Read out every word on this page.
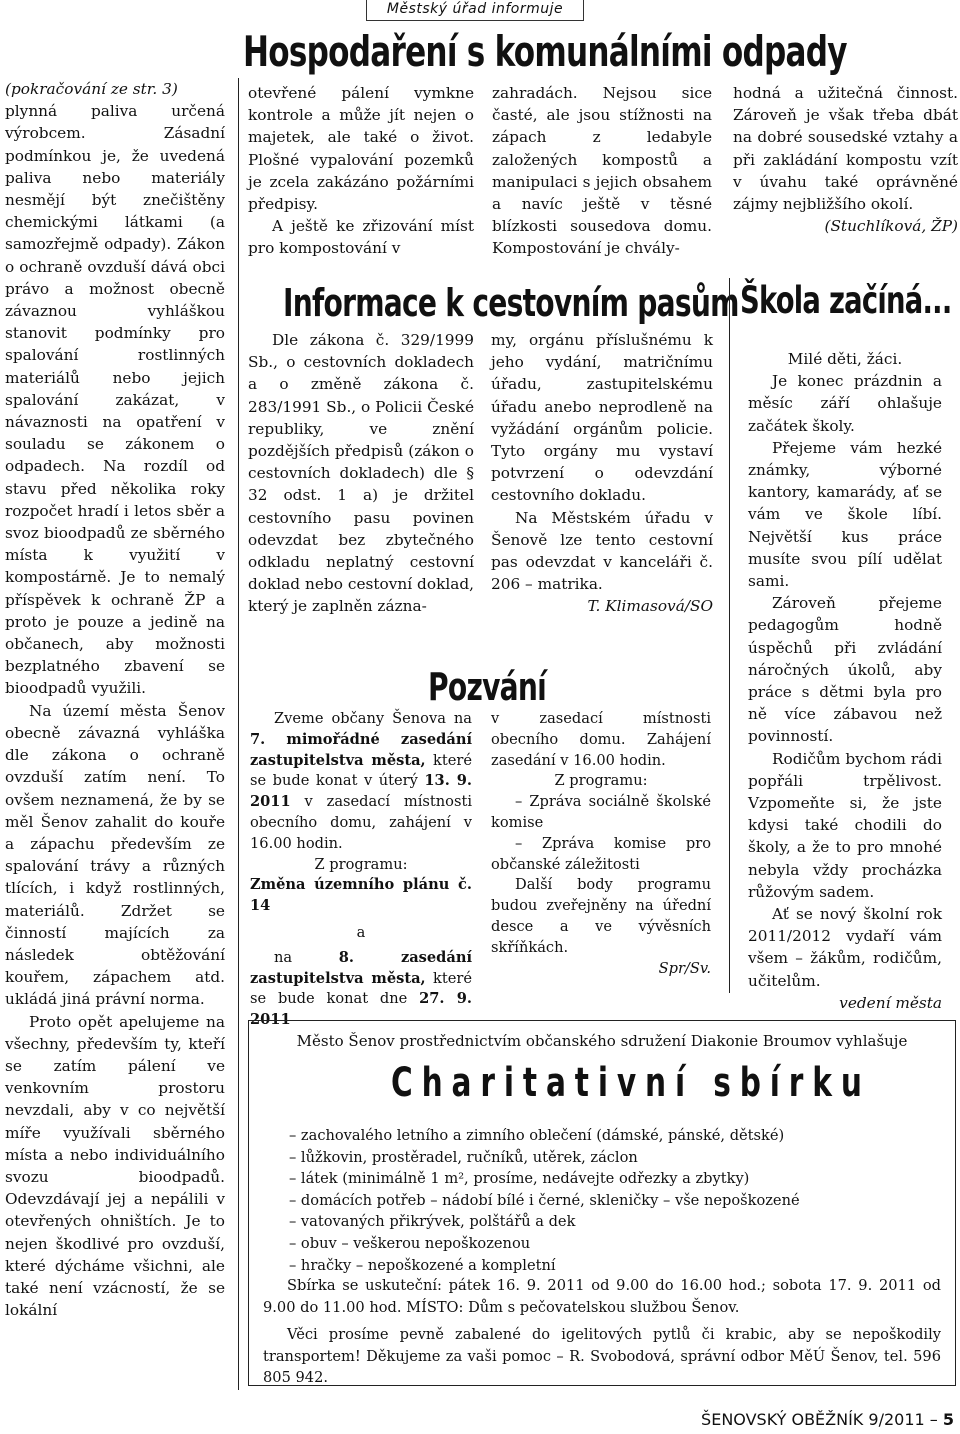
Městský úřad informuje
Hospodaření s komunálními odpady

(pokračování ze str. 3)

plynná paliva určená výrobcem. Zásadní podmínkou je, že uvedená paliva nebo materiály nesmějí být znečištěny chemickými látkami (a samozřejmě odpady). Zákon o ochraně ovzduší dává obci právo a možnost obecně závaznou vyhláškou stanovit podmínky pro spalování rostlinných materiálů nebo jejich spalování zakázat, v návaznosti na opatření v souladu se zákonem o odpadech. Na rozdíl od stavu před několika roky rozpočet hradí i letos sběr a svoz bioodpadů ze sběrného místa k využití v kompostárně. Je to nemalý příspěvek k ochraně ŽP a proto je pouze a jedině na občanech, aby možnosti bezplatného zbavení se bioodpadů využili.

Na území města Šenov obecně závazná vyhláška dle zákona o ochraně ovzduší zatím není. To ovšem neznamená, že by se měl Šenov zahalit do kouře a zápachu především ze spalování trávy a různých tlících, i když rostlinných, materiálů. Zdržet se činností majících za následek obtěžování kouřem, zápachem atd. ukládá jiná právní norma.

Proto opět apelujeme na všechny, především ty, kteří se zatím pálení ve venkovním prostoru nevzdali, aby v co největší míře využívali sběrného místa a nebo individuálního svozu bioodpadů. Odevzdávají jej a nepálili v otevřených ohništích. Je to nejen škodlivé pro ovzduší, které dýcháme všichni, ale také není vzácností, že se lokální

otevřené pálení vymkne kontrole a může jít nejen o majetek, ale také o život. Plošné vypalování pozemků je zcela zakázáno požárními předpisy.

A ještě ke zřizování míst pro kompostování v

zahradách. Nejsou sice časté, ale jsou stížnosti na zápach z ledabyle založených kompostů a manipulaci s jejich obsahem a navíc ještě v těsné blízkosti sousedova domu. Kompostování je chvály-

hodná a užitečná činnost. Zároveň je však třeba dbát na dobré sousedské vztahy a při zakládání kompostu vzít v úvahu také oprávněné zájmy nejbližšího okolí.

(Stuchlíková, ŽP)

Informace k cestovním pasům

Dle zákona č. 329/1999 Sb., o cestovních dokladech a o změně zákona č. 283/1991 Sb., o Policii České republiky, ve znění pozdějších předpisů (zákon o cestovních dokladech) dle § 32 odst. 1 a) je držitel cestovního pasu povinen odevzdat bez zbytečného odkladu neplatný cestovní doklad nebo cestovní doklad, který je zaplněn zázna-

my, orgánu příslušnému k jeho vydání, matričnímu úřadu, zastupitelskému úřadu anebo neprodleně na vyžádání orgánům policie. Tyto orgány mu vystaví potvrzení o odevzdání cestovního dokladu.

Na Městském úřadu v Šenově lze tento cestovní pas odevzdat v kanceláři č. 206 – matrika.

T. Klimasová/SO

Škola začíná...

Milé děti, žáci.

Je konec prázdnin a měsíc září ohlašuje začátek školy.

Přejeme vám hezké známky, výborné kantory, kamarády, ať se vám ve škole líbí. Největší kus práce musíte svou pílí udělat sami.

Zároveň přejeme pedagogům hodně úspěchů při zvládání náročných úkolů, aby práce s dětmi byla pro ně více zábavou než povinností.

Rodičům bychom rádi popřáli trpělivost. Vzpomeňte si, že jste kdysi také chodili do školy, a že to pro mnohé nebyla vždy procházka růžovým sadem.

Ať se nový školní rok 2011/2012 vydaří vám všem – žákům, rodičům, učitelům.

vedení města

Pozvání

Zveme občany Šenova na 7. mimořádné zasedání zastupitelstva města, které se bude konat v úterý 13. 9. 2011 v zasedací místnosti obecního domu, zahájení v 16.00 hodin.

Z programu:

Změna územního plánu č. 14

a

na 8. zasedání zastupitelstva města, které se bude konat dne 27. 9. 2011

v zasedací místnosti obecního domu. Zahájení zasedání v 16.00 hodin.

Z programu:

– Zpráva sociálně školské komise

– Zpráva komise pro občanské záležitosti

Další body programu budou zveřejněny na úřední desce a ve vývěsních skříňkách.

Spr/Sv.

Město Šenov prostřednictvím občanského sdružení Diakonie Broumov vyhlašuje
Charitativní sbírku
– zachovalého letního a zimního oblečení (dámské, pánské, dětské)
– lůžkovin, prostěradel, ručníků, utěrek, záclon
– látek (minimálně 1 m², prosíme, nedávejte odřezky a zbytky)
– domácích potřeb – nádobí bílé i černé, skleničky – vše nepoškozené
– vatovaných přikrývek, polštářů a dek
– obuv – veškerou nepoškozenou
– hračky – nepoškozené a kompletní

Sbírka se uskuteční: pátek 16. 9. 2011 od 9.00 do 16.00 hod.; sobota 17. 9. 2011 od 9.00 do 11.00 hod. MÍSTO: Dům s pečovatelskou službou Šenov.

Věci prosíme pevně zabalené do igelitových pytlů či krabic, aby se nepoškodily transportem! Děkujeme za vaši pomoc – R. Svobodová, správní odbor MěÚ Šenov, tel. 596 805 942.

ŠENOVSKÝ OBĚŽNÍK 9/2011 – 5
